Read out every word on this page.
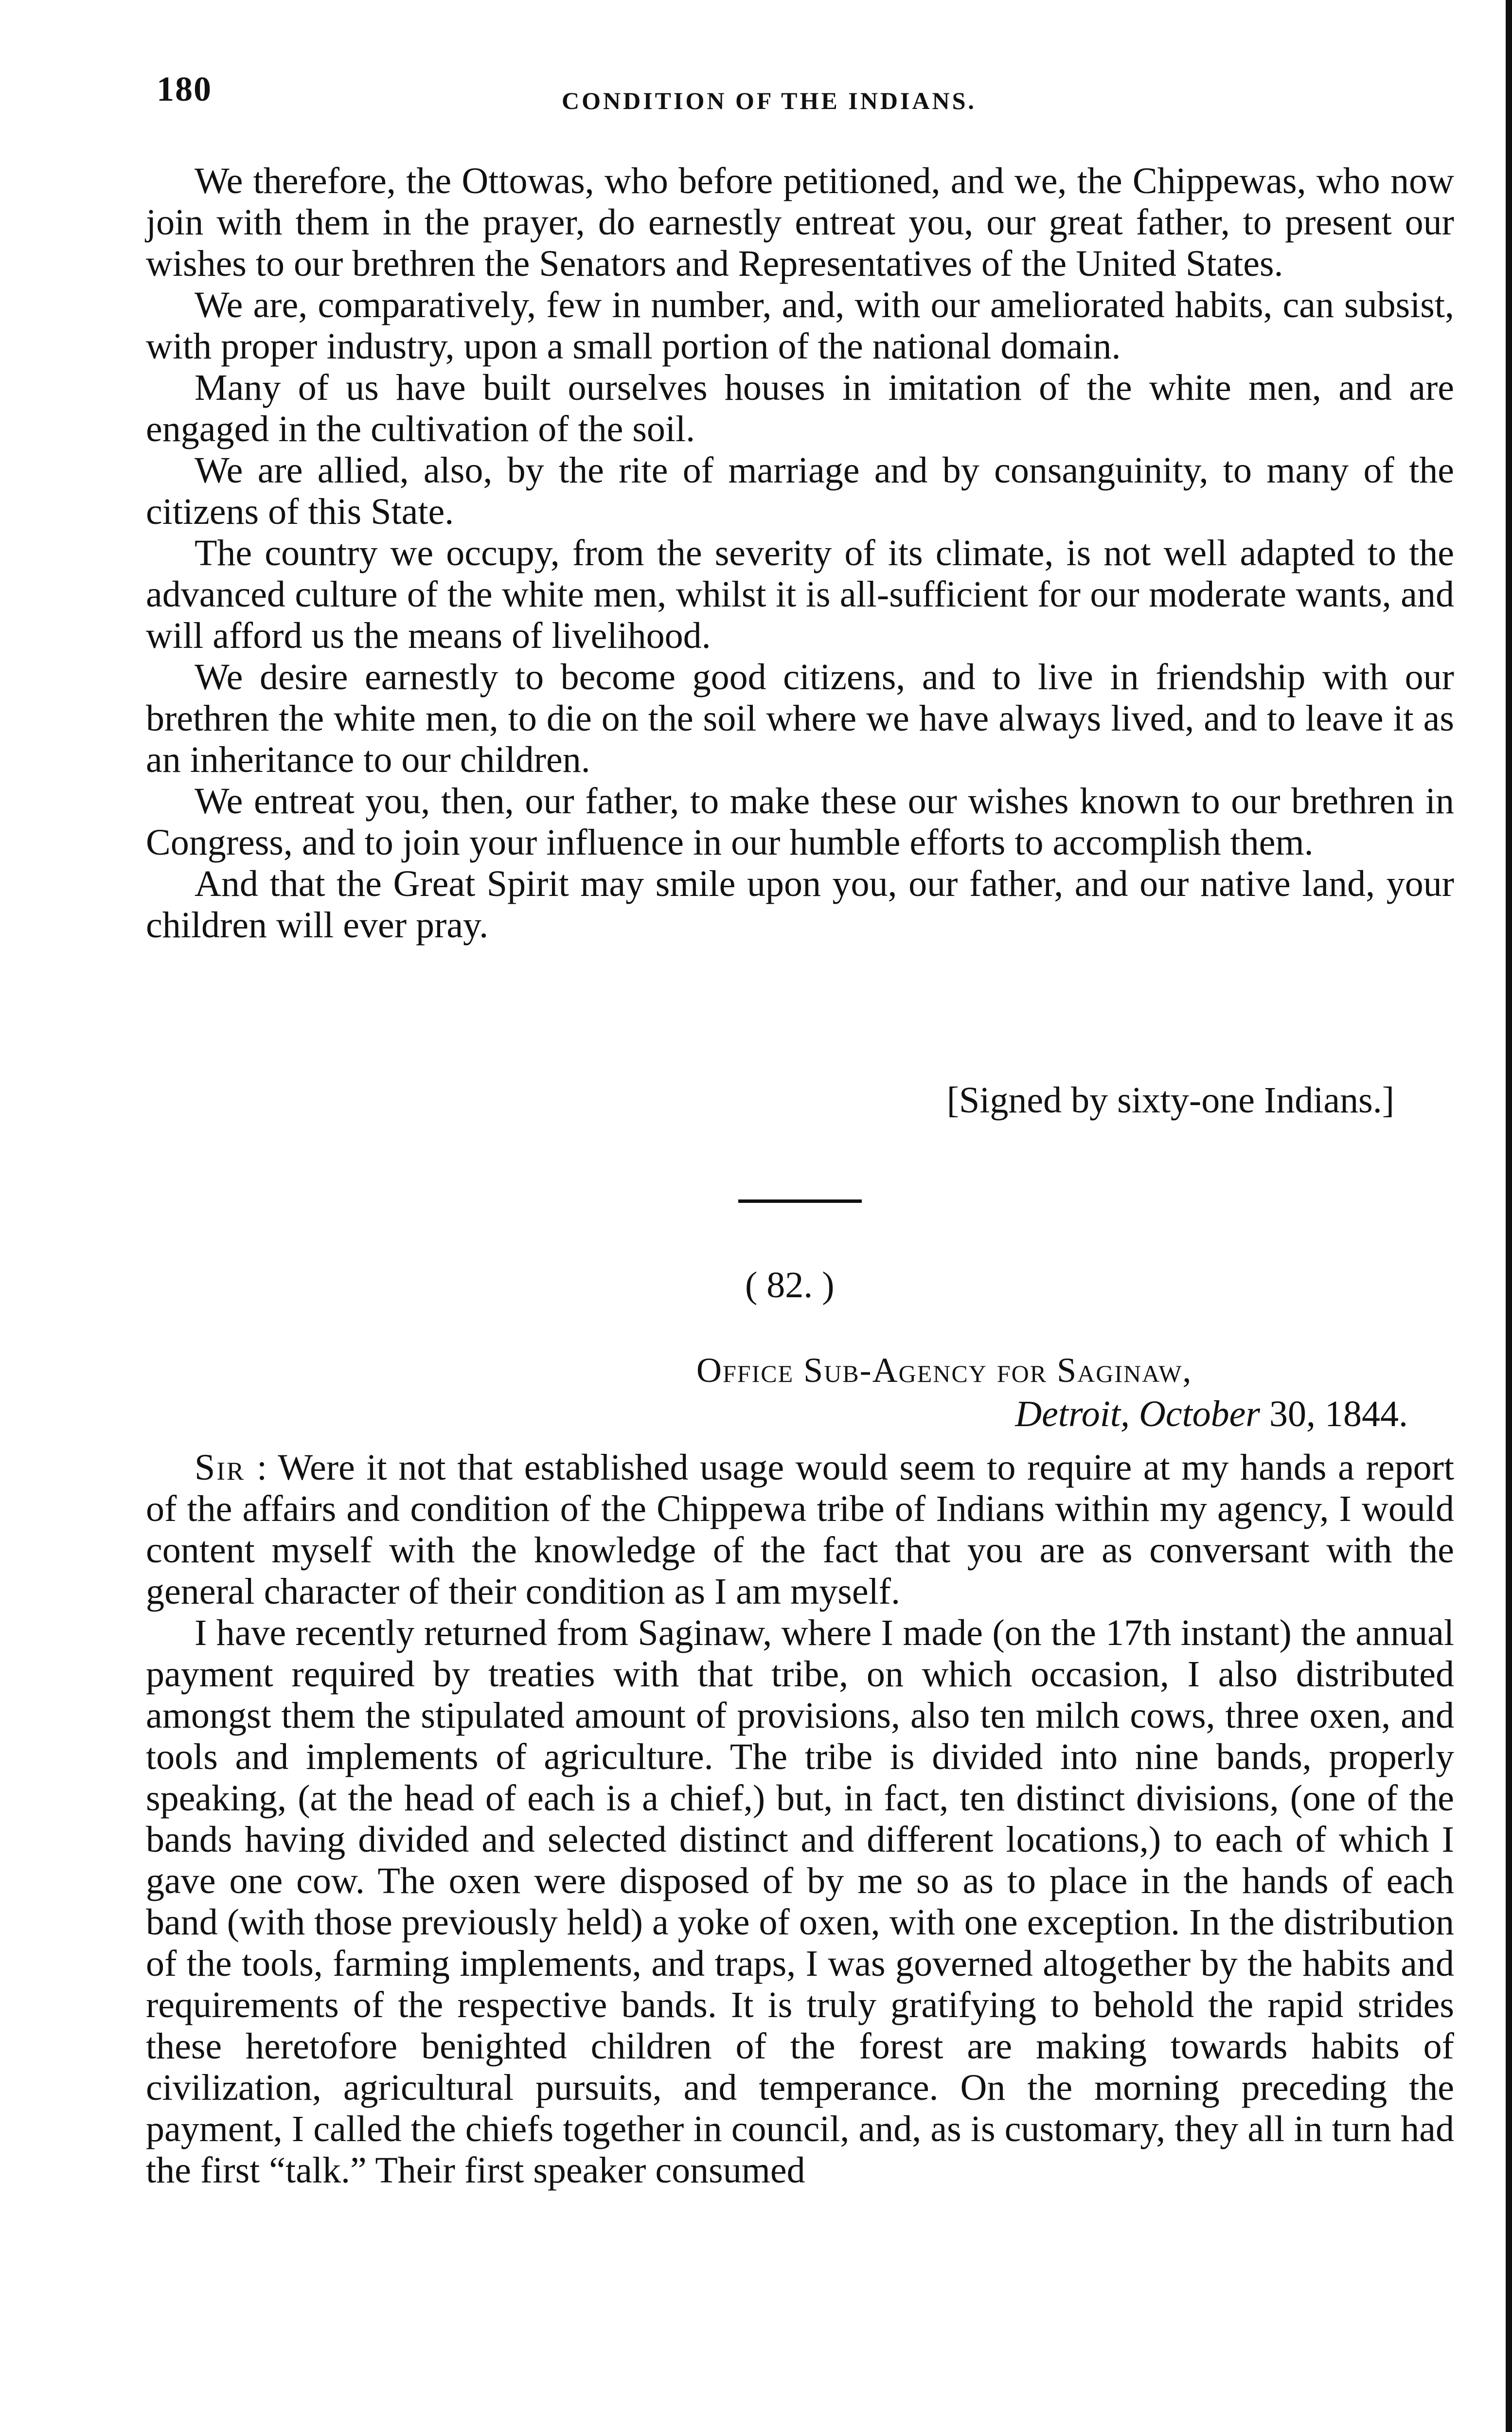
180	CONDITION OF THE INDIANS.

We therefore, the Ottowas, who before petitioned, and we, the Chippewas, who now join with them in the prayer, do earnestly entreat you, our great father, to present our wishes to our brethren the Senators and Representatives of the United States.

We are, comparatively, few in number, and, with our ameliorated habits, can subsist, with proper industry, upon a small portion of the national domain.

Many of us have built ourselves houses in imitation of the white men, and are engaged in the cultivation of the soil.

We are allied, also, by the rite of marriage and by consanguinity, to many of the citizens of this State.

The country we occupy, from the severity of its climate, is not well adapted to the advanced culture of the white men, whilst it is all-sufficient for our moderate wants, and will afford us the means of livelihood.

We desire earnestly to become good citizens, and to live in friendship with our brethren the white men, to die on the soil where we have always lived, and to leave it as an inheritance to our children.

We entreat you, then, our father, to make these our wishes known to our brethren in Congress, and to join your influence in our humble efforts to accomplish them.

And that the Great Spirit may smile upon you, our father, and our native land, your children will ever pray.

[Signed by sixty-one Indians.]
( 82. )
Office Sub-Agency for Saginaw,
Detroit, October 30, 1844.

Sir : Were it not that established usage would seem to require at my hands a report of the affairs and condition of the Chippewa tribe of Indians within my agency, I would content myself with the knowledge of the fact that you are as conversant with the general character of their condition as I am myself.

I have recently returned from Saginaw, where I made (on the 17th instant) the annual payment required by treaties with that tribe, on which occasion, I also distributed amongst them the stipulated amount of provisions, also ten milch cows, three oxen, and tools and implements of agriculture. The tribe is divided into nine bands, properly speaking, (at the head of each is a chief,) but, in fact, ten distinct divisions, (one of the bands having divided and selected distinct and different locations,) to each of which I gave one cow. The oxen were disposed of by me so as to place in the hands of each band (with those previously held) a yoke of oxen, with one exception. In the distribution of the tools, farming implements, and traps, I was governed altogether by the habits and requirements of the respective bands. It is truly gratifying to behold the rapid strides these heretofore benighted children of the forest are making towards habits of civilization, agricultural pursuits, and temperance. On the morning preceding the payment, I called the chiefs together in council, and, as is customary, they all in turn had the first “talk.” Their first speaker consumed
